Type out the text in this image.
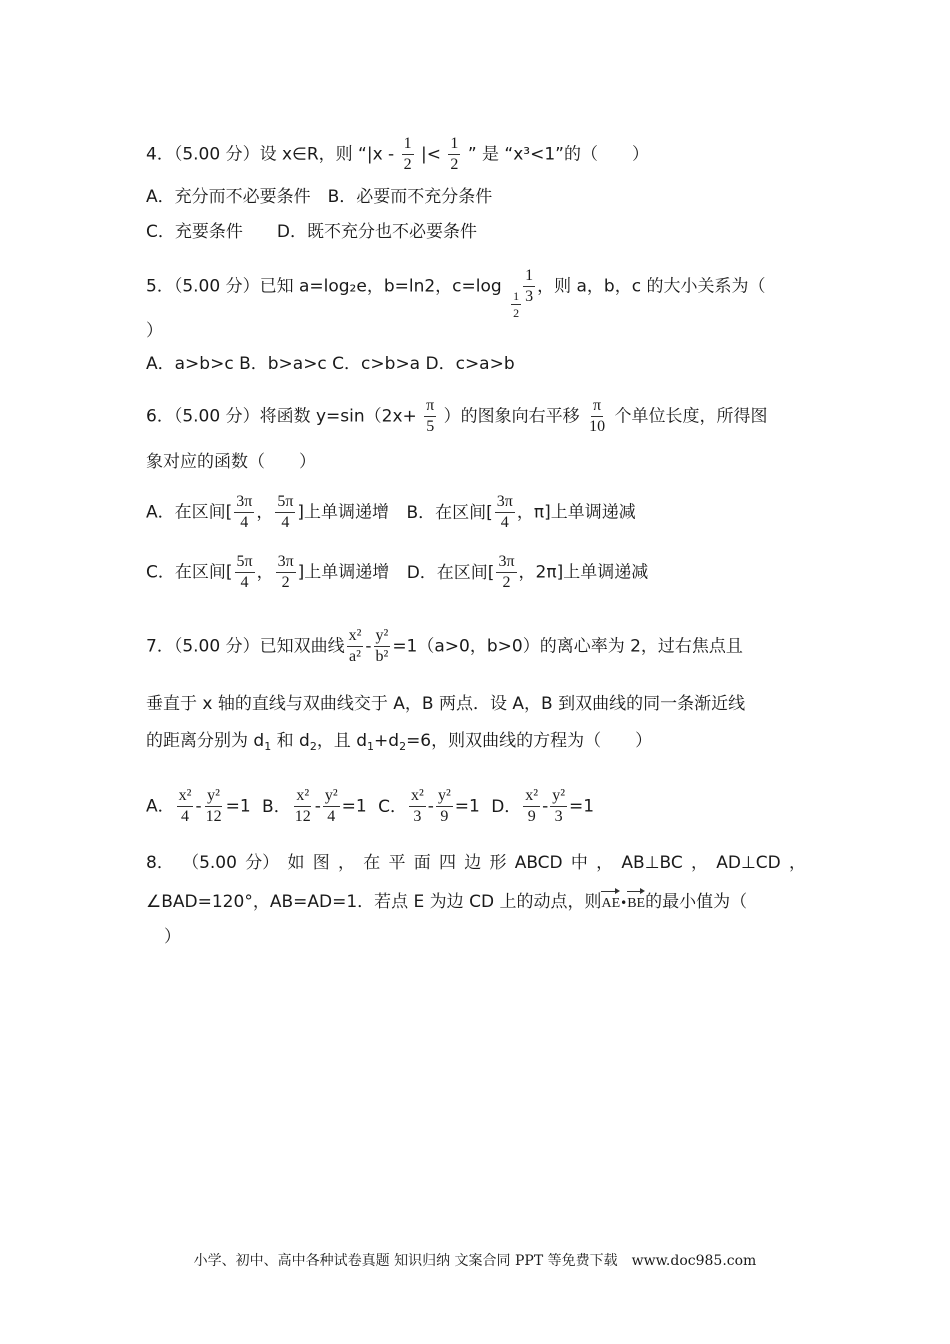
4．（5.00 分）设 x∈R，则 “$|x - \frac{1}{2}$ |< $\frac{1}{2}$ ” 是 “x³<1”的（　　）
A．充分而不必要条件　B．必要而不充分条件
C．充要条件　　D．既不充分也不必要条件
5．（5.00 分）已知 a=log₂e，b=ln2，c=log
$\frac{1}{2} \frac{1}{3}$ ，则 a，b，c 的大小关系为（
）
A．a>b>c B．b>a>c C．c>b>a D．c>a>b
6．（5.00 分）将函数 $y=\sin(2x+ \frac{\pi}{5}$ ）的图象向右平移 $\frac{\pi}{10}$ 个单位长度，所得图
象对应的函数（　　）
A．在区间[ $\frac{3\pi}{4}$ ， $\frac{5\pi}{4}$ ]上单调递增 B．在区间[ $\frac{3\pi}{4}$ ，π]上单调递减
C．在区间[ $\frac{5\pi}{4}$ ， $\frac{3\pi}{2}$ ]上单调递增 D．在区间[ $\frac{3\pi}{2}$ ，2π]上单调递减
7．（5.00 分）已知双曲线 $\frac{\text{x²}}{\text{a²}} - \frac{\text{y²}}{\text{b²}} =1(a>0$，b>0）的离心率为 2，过右焦点且
垂直于 x 轴的直线与双曲线交于 A，B 两点．设 A，B 到双曲线的同一条渐近线
的距离分别为 $d_1$ 和 $d_2$，且 $d_1+d_2=6$，则双曲线的方程为（　　）
A． $\frac{\text{x²}}{4} - \frac{\text{y²}}{12} =1$ B． $\frac{\text{x²}}{12} - \frac{\text{y²}}{4} =1$ C． $\frac{\text{x²}}{3} - \frac{\text{y²}}{9} =1$ D． $\frac{\text{x²}}{9} - \frac{\text{y²}}{3} =1$
8． （5.00 分） 如 图 ， 在 平 面 四 边 形 ABCD 中 ， AB⊥BC ， AD⊥CD ，
∠BAD=120°，AB=AD=1．若点 E 为边 CD 上的动点，则AE•BE的最小值为（
）
小学、初中、高中各种试卷真题 知识归纳 文案合同 PPT 等免费下载　www.doc985.com
